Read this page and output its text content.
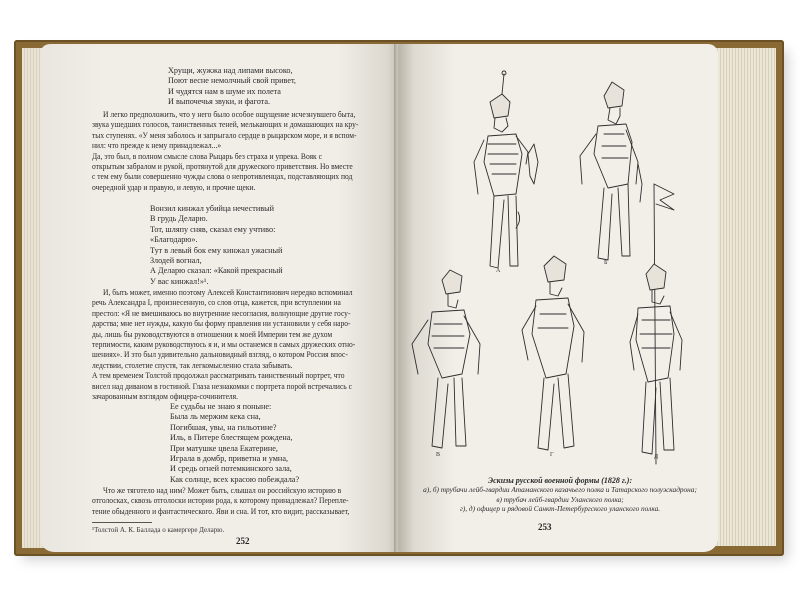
Хрущи, жужжа над липами высоко,

Поют весне немолчный свой привет,

И чудятся нам в шуме их полета

И выпочечья звуки, и фагота.

И легко предположить, что у него было особое ощущение исчезнувшего быта,

звука ушедших голосов, таинственных теней, мелькающих и домашающих на кру-

тых ступенях. «У меня заболось и запрыгало сердце в рыцарском море, и я вспом-

нил: что прежде к нему принадлежал...»

Да, это был, в полном смысле слова Рыцарь без страха и упрека. Вояк с

открытым забралом и рукой, протянутой для дружеского приветствия. Но вместе

с тем ему были совершенно чужды слова о непротивленцах, подставляющих под

очередной удар и правую, и левую, и прочие щеки.

Вонзил кинжал убийца нечестивый

В грудь Деларю.

Тот, шляпу сняв, сказал ему учтиво:

«Благодарю».

Тут в левый бок ему кинжал ужасный

Злодей вогнал,

А Деларю сказал: «Какой прекрасный

У вас кинжал!»¹.

И, быть может, именно поэтому Алексей Константинович нередко вспоминал

речь Александра I, произнесенную, со слов отца, кажется, при вступлении на

престол: «Я не вмешиваюсь во внутренние несогласия, волнующие другие госу-

дарства; мне нет нужды, какую бы форму правления ни установили у себя наро-

ды, лишь бы руководствуются в отношении к моей Империи тем же духом

терпимости, каким руководствуюсь я и, и мы останемся в самых дружеских отно-

шениях». И это был удивительно дальновидный взгляд, о котором Россия впос-

ледствии, столетие спустя, так легкомысленно стала забывать.

А тем временем Толстой продолжал рассматривать таинственный портрет, что

висел над диваном в гостиной. Глаза незнакомки с портрета порой встречались с

зачарованным взглядом офицера-сочинителя.

Ее судьбы не знаю я поныне:

Была ль мержим кека сна,

Погибшая, увы, на гильотине?

Иль, в Питере блестящем рождена,

При матушке цвела Екатерине,

Играла в домбр, приветна и умна,

И средь огней потемкинского зала,

Как солнце, всех красою побеждала?

Что же тяготело над ним? Может быть, слышал он российскую историю в

отголосках, сквозь отголоски истории рода, к которому принадлежал? Перепле-

тение обыденного и фантастического. Яви и сна. И тот, кто видит, рассказывает,

¹Толстой А. К. Баллада о камергере Деларю.
252
А
Б
В	Г	Д
Эскизы русской военной формы (1828 г.):
а), б) трубачи лейб-гвардии Атаманского казачьего полка и Татарского полуэскадрона;
в) трубач лейб-гвардии Уланского полка;
г), д) офицер и рядовой Санкт-Петербургского уланского полка.
253
